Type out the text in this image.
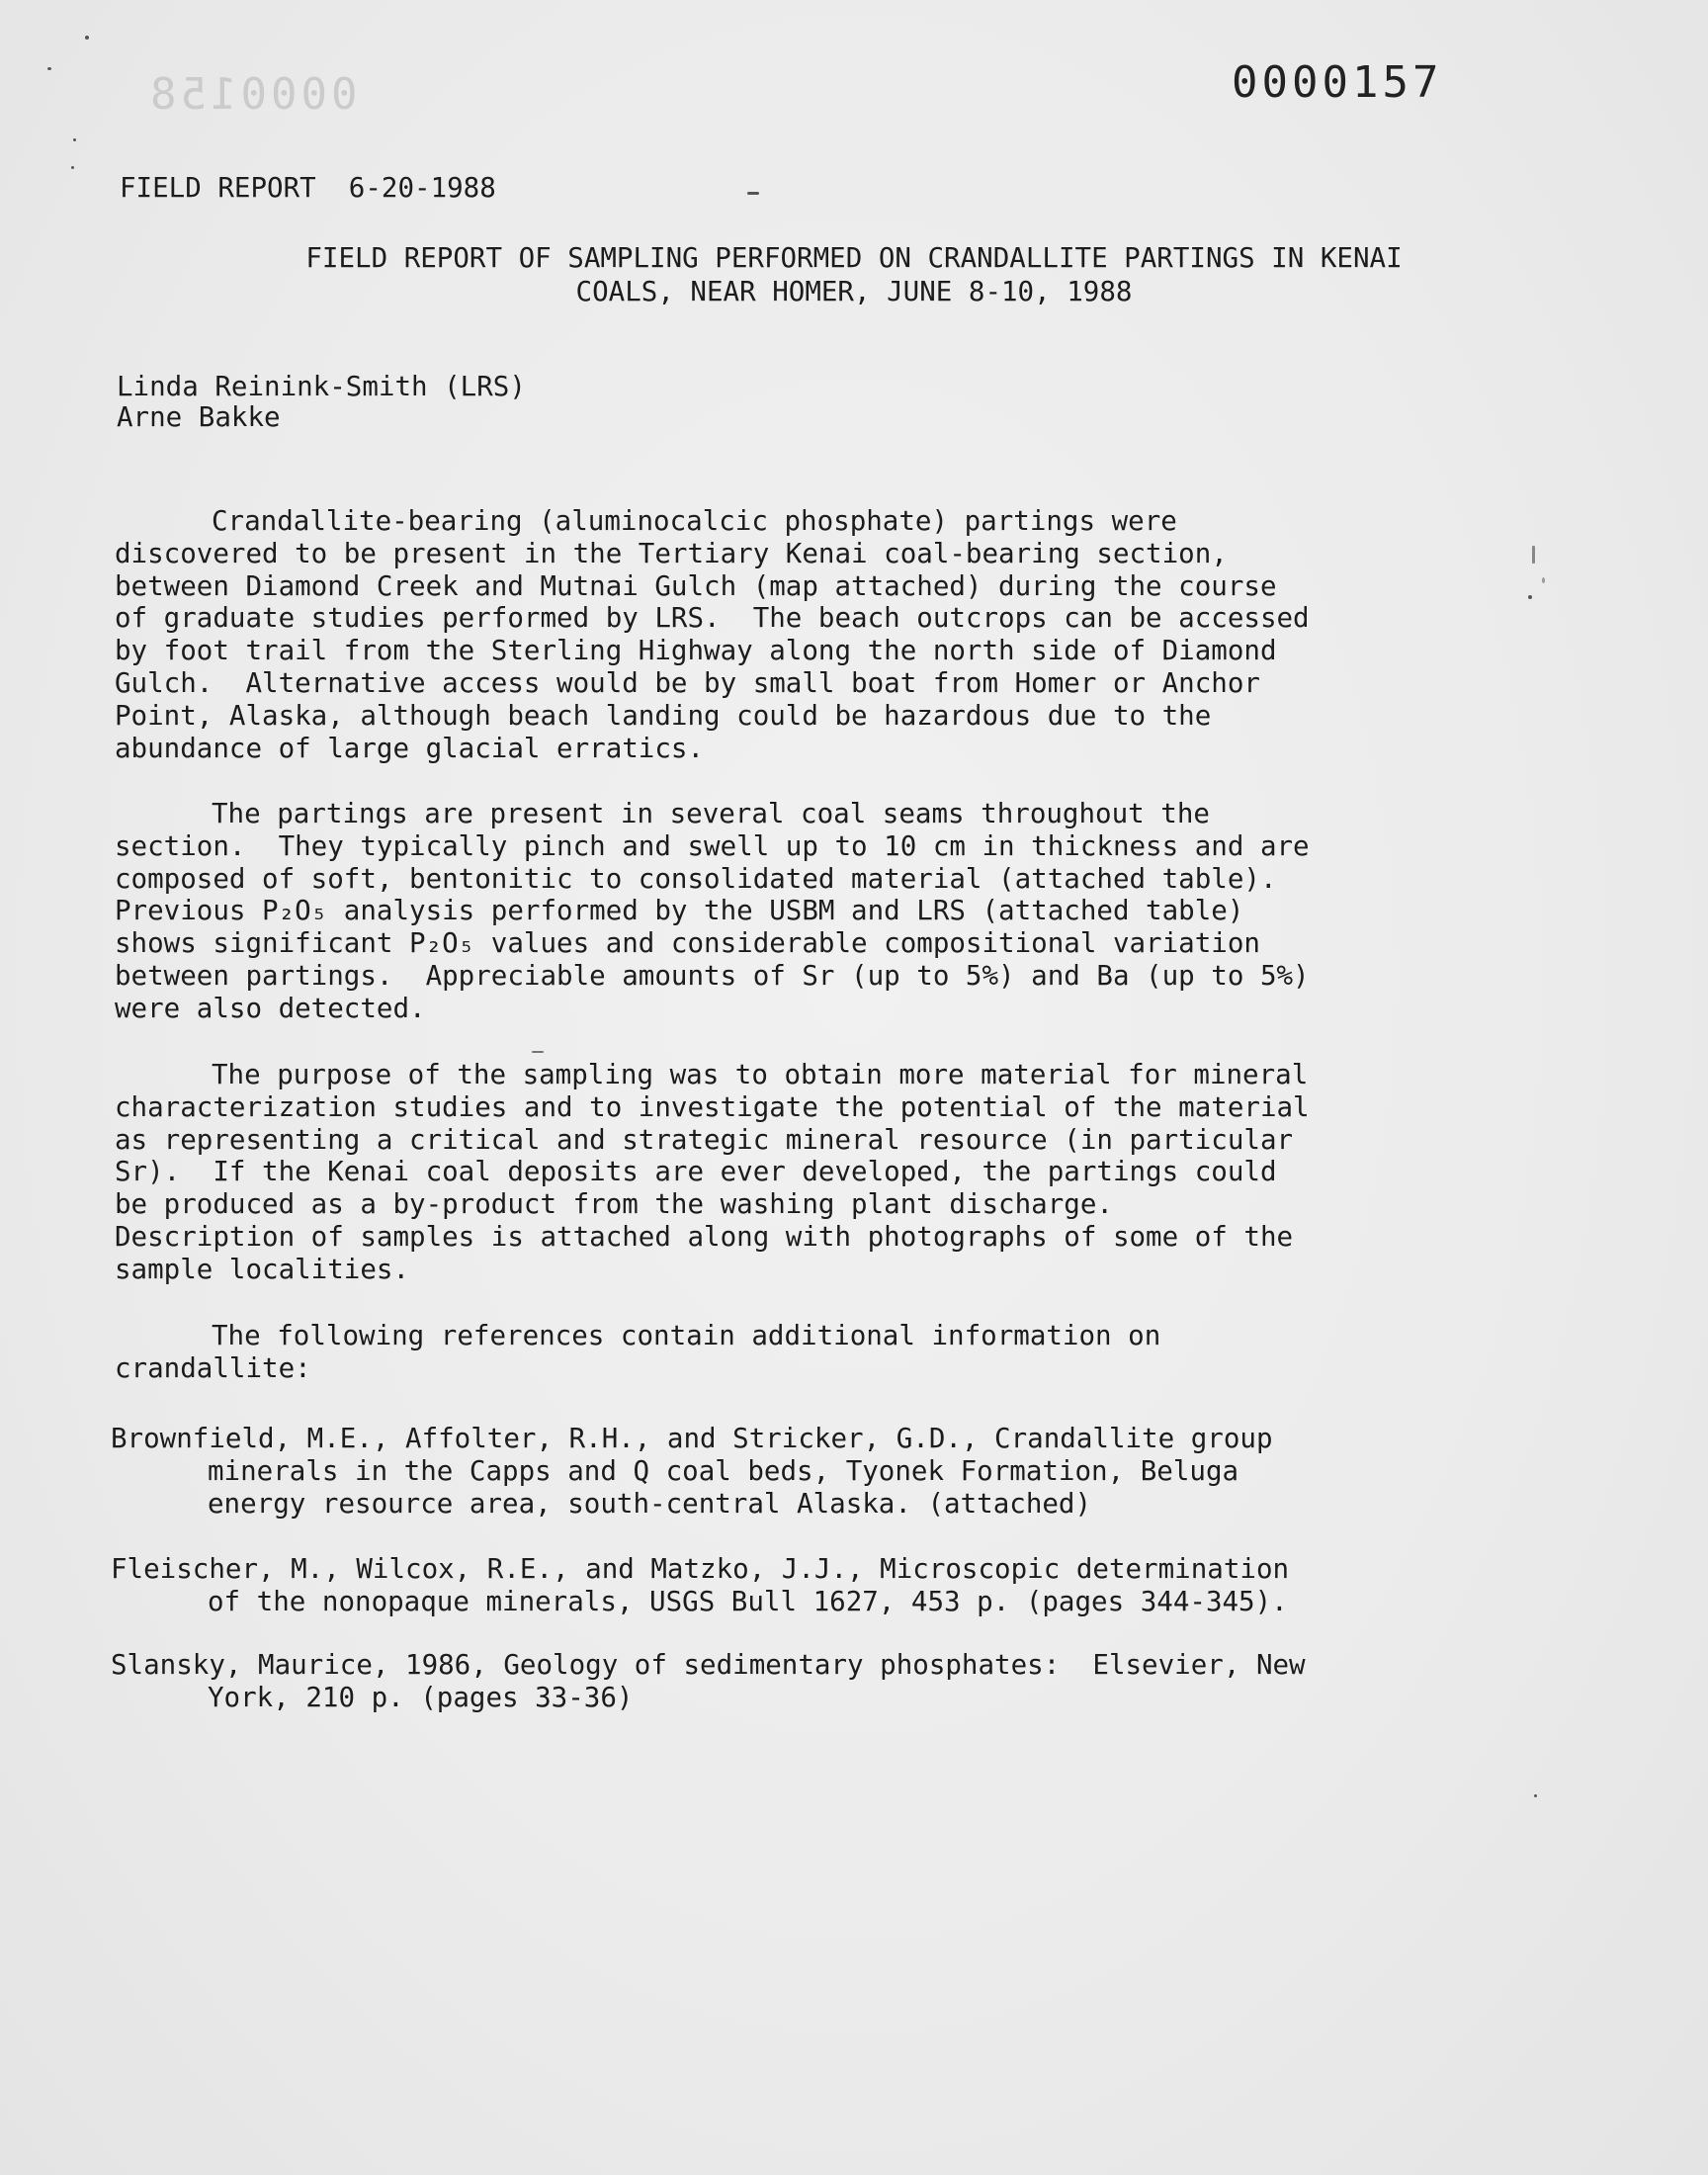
0000158	0000157
FIELD REPORT  6-20-1988
FIELD REPORT OF SAMPLING PERFORMED ON CRANDALLITE PARTINGS IN KENAI
COALS, NEAR HOMER, JUNE 8-10, 1988
Linda Reinink-Smith (LRS)
Arne Bakke
Crandallite-bearing (aluminocalcic phosphate) partings were
discovered to be present in the Tertiary Kenai coal-bearing section,
between Diamond Creek and Mutnai Gulch (map attached) during the course
of graduate studies performed by LRS.  The beach outcrops can be accessed
by foot trail from the Sterling Highway along the north side of Diamond
Gulch.  Alternative access would be by small boat from Homer or Anchor
Point, Alaska, although beach landing could be hazardous due to the
abundance of large glacial erratics.
The partings are present in several coal seams throughout the
section.  They typically pinch and swell up to 10 cm in thickness and are
composed of soft, bentonitic to consolidated material (attached table).
Previous P₂O₅ analysis performed by the USBM and LRS (attached table)
shows significant P₂O₅ values and considerable compositional variation
between partings.  Appreciable amounts of Sr (up to 5%) and Ba (up to 5%)
were also detected.
The purpose of the sampling was to obtain more material for mineral
characterization studies and to investigate the potential of the material
as representing a critical and strategic mineral resource (in particular
Sr).  If the Kenai coal deposits are ever developed, the partings could
be produced as a by-product from the washing plant discharge.
Description of samples is attached along with photographs of some of the
sample localities.
The following references contain additional information on
crandallite:
Brownfield, M.E., Affolter, R.H., and Stricker, G.D., Crandallite group
minerals in the Capps and Q coal beds, Tyonek Formation, Beluga
energy resource area, south-central Alaska. (attached)
Fleischer, M., Wilcox, R.E., and Matzko, J.J., Microscopic determination
of the nonopaque minerals, USGS Bull 1627, 453 p. (pages 344-345).
Slansky, Maurice, 1986, Geology of sedimentary phosphates:  Elsevier, New
York, 210 p. (pages 33-36)
